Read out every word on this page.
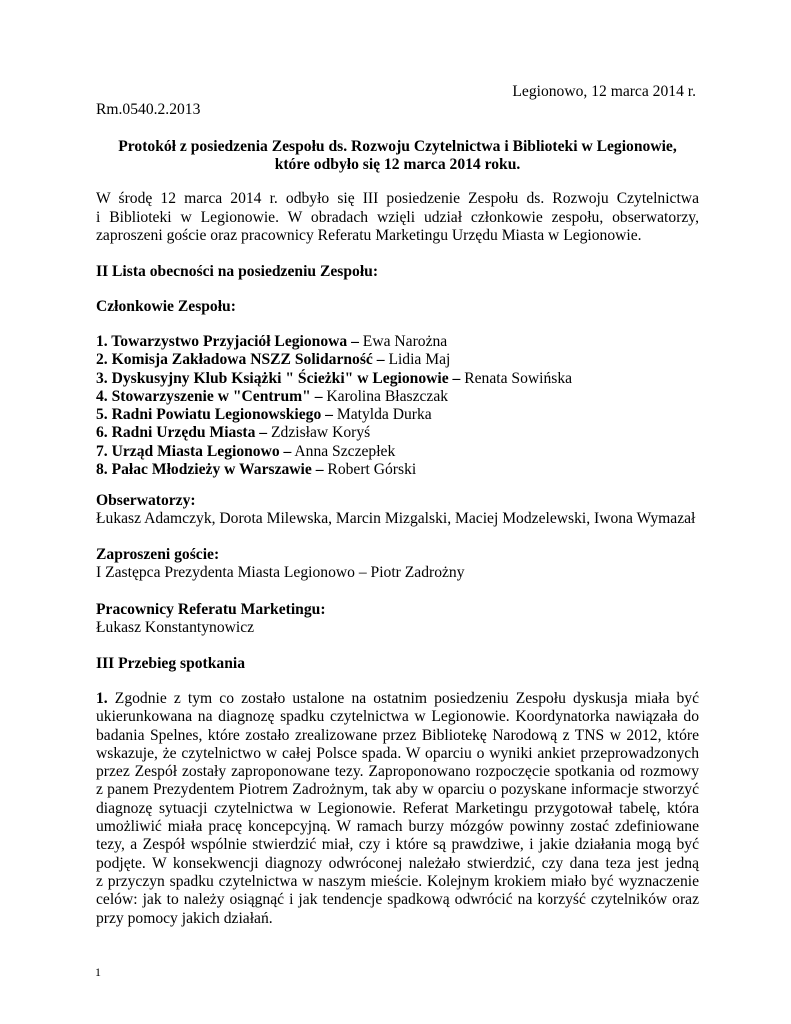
Legionowo, 12 marca 2014 r.
Rm.0540.2.2013
Protokół z posiedzenia Zespołu ds. Rozwoju Czytelnictwa i Biblioteki w Legionowie,
które odbyło się 12 marca 2014 roku.
W środę 12 marca 2014 r. odbyło się III posiedzenie Zespołu ds. Rozwoju Czytelnictwa
i Biblioteki w Legionowie. W obradach wzięli udział członkowie zespołu, obserwatorzy,
zaproszeni goście oraz pracownicy Referatu Marketingu Urzędu Miasta w Legionowie.
II Lista obecności na posiedzeniu Zespołu:
Członkowie Zespołu:
1. Towarzystwo Przyjaciół Legionowa – Ewa Narożna
2. Komisja Zakładowa NSZZ Solidarność – Lidia Maj
3. Dyskusyjny Klub Książki " Ścieżki" w Legionowie – Renata Sowińska
4. Stowarzyszenie w "Centrum" – Karolina Błaszczak
5. Radni Powiatu Legionowskiego – Matylda Durka
6. Radni Urzędu Miasta – Zdzisław Koryś
7. Urząd Miasta Legionowo – Anna Szczepłek
8. Pałac Młodzieży w Warszawie – Robert Górski
Obserwatorzy:
Łukasz Adamczyk, Dorota Milewska, Marcin Mizgalski, Maciej Modzelewski, Iwona Wymazał
Zaproszeni goście:
I Zastępca Prezydenta Miasta Legionowo – Piotr Zadrożny
Pracownicy Referatu Marketingu:
Łukasz Konstantynowicz
III Przebieg spotkania
1. Zgodnie z tym co zostało ustalone na ostatnim posiedzeniu Zespołu dyskusja miała być
ukierunkowana na diagnozę spadku czytelnictwa w Legionowie. Koordynatorka nawiązała do
badania Spelnes, które zostało zrealizowane przez Bibliotekę Narodową z TNS w 2012, które
wskazuje, że czytelnictwo w całej Polsce spada. W oparciu o wyniki ankiet przeprowadzonych
przez Zespół zostały zaproponowane tezy. Zaproponowano rozpoczęcie spotkania od rozmowy
z panem Prezydentem Piotrem Zadrożnym, tak aby w oparciu o pozyskane informacje stworzyć
diagnozę sytuacji czytelnictwa w Legionowie. Referat Marketingu przygotował tabelę, która
umożliwić miała pracę koncepcyjną. W ramach burzy mózgów powinny zostać zdefiniowane
tezy, a Zespół wspólnie stwierdzić miał, czy i które są prawdziwe, i jakie działania mogą być
podjęte. W konsekwencji diagnozy odwróconej należało stwierdzić, czy dana teza jest jedną
z przyczyn spadku czytelnictwa w naszym mieście. Kolejnym krokiem miało być wyznaczenie
celów: jak to należy osiągnąć i jak tendencje spadkową odwrócić na korzyść czytelników oraz
przy pomocy jakich działań.
1
